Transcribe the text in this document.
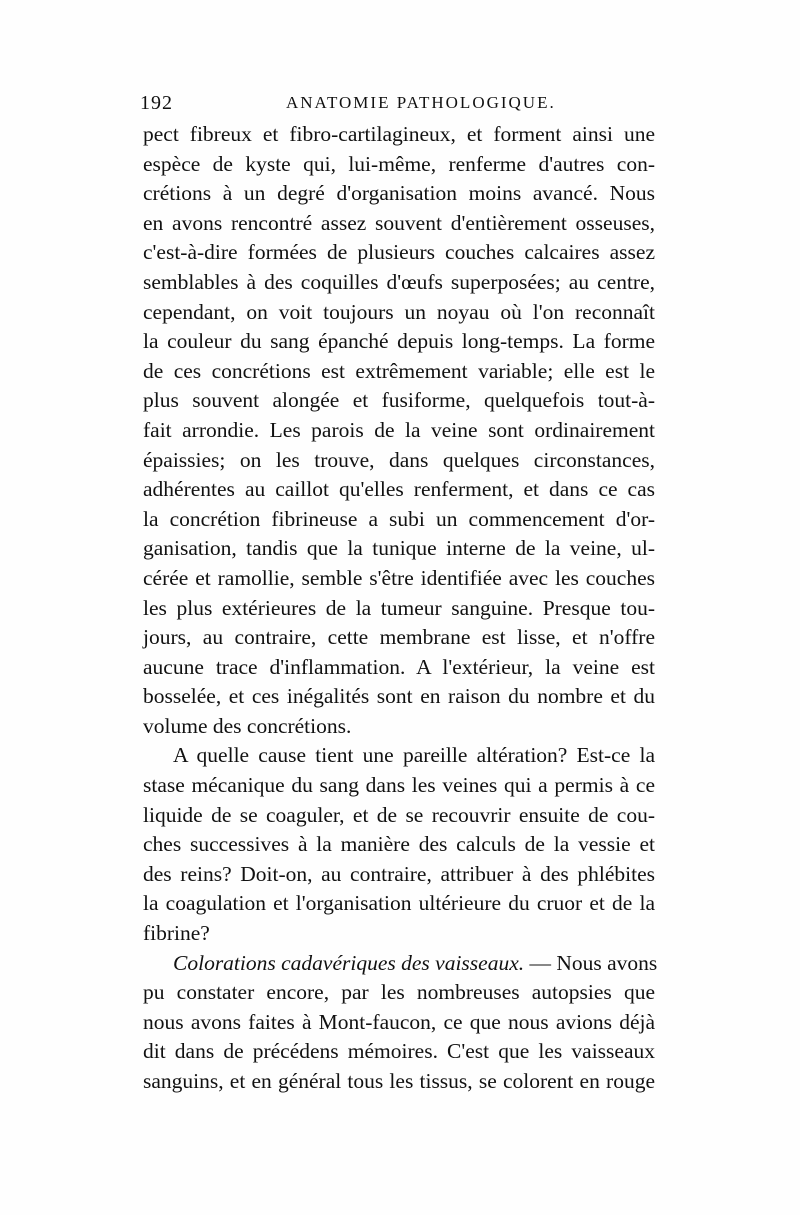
192	ANATOMIE PATHOLOGIQUE.
pect fibreux et fibro-cartilagineux, et forment ainsi une
espèce de kyste qui, lui-même, renferme d'autres con-
crétions à un degré d'organisation moins avancé. Nous
en avons rencontré assez souvent d'entièrement osseuses,
c'est-à-dire formées de plusieurs couches calcaires assez
semblables à des coquilles d'œufs superposées; au centre,
cependant, on voit toujours un noyau où l'on reconnaît
la couleur du sang épanché depuis long-temps. La forme
de ces concrétions est extrêmement variable; elle est le
plus souvent alongée et fusiforme, quelquefois tout-à-
fait arrondie. Les parois de la veine sont ordinairement
épaissies; on les trouve, dans quelques circonstances,
adhérentes au caillot qu'elles renferment, et dans ce cas
la concrétion fibrineuse a subi un commencement d'or-
ganisation, tandis que la tunique interne de la veine, ul-
cérée et ramollie, semble s'être identifiée avec les couches
les plus extérieures de la tumeur sanguine. Presque tou-
jours, au contraire, cette membrane est lisse, et n'offre
aucune trace d'inflammation. A l'extérieur, la veine est
bosselée, et ces inégalités sont en raison du nombre et du
volume des concrétions.
A quelle cause tient une pareille altération? Est-ce la
stase mécanique du sang dans les veines qui a permis à ce
liquide de se coaguler, et de se recouvrir ensuite de cou-
ches successives à la manière des calculs de la vessie et
des reins? Doit-on, au contraire, attribuer à des phlébites
la coagulation et l'organisation ultérieure du cruor et de la
fibrine?
Colorations cadavériques des vaisseaux. — Nous avons
pu constater encore, par les nombreuses autopsies que
nous avons faites à Mont-faucon, ce que nous avions déjà
dit dans de précédens mémoires. C'est que les vaisseaux
sanguins, et en général tous les tissus, se colorent en rouge
